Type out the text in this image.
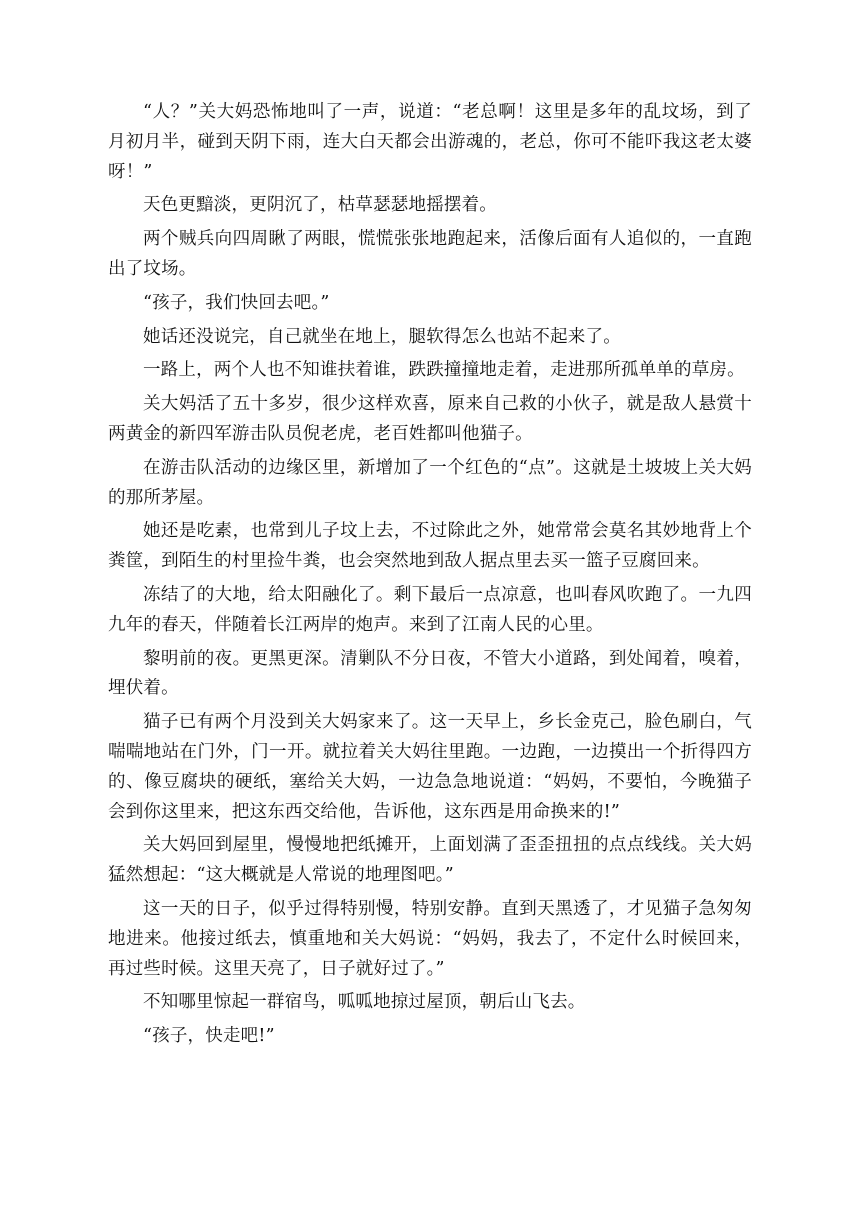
“人？”关大妈恐怖地叫了一声，说道：“老总啊！这里是多年的乱坟场，到了月初月半，碰到天阴下雨，连大白天都会出游魂的，老总，你可不能吓我这老太婆呀！”

天色更黯淡，更阴沉了，枯草瑟瑟地摇摆着。

两个贼兵向四周瞅了两眼，慌慌张张地跑起来，活像后面有人追似的，一直跑出了坟场。

“孩子，我们快回去吧。”

她话还没说完，自己就坐在地上，腿软得怎么也站不起来了。

一路上，两个人也不知谁扶着谁，跌跌撞撞地走着，走进那所孤单单的草房。

关大妈活了五十多岁，很少这样欢喜，原来自己救的小伙子，就是敌人悬赏十两黄金的新四军游击队员倪老虎，老百姓都叫他猫子。

在游击队活动的边缘区里，新增加了一个红色的“点”。这就是土坡坡上关大妈的那所茅屋。

她还是吃素，也常到儿子坟上去，不过除此之外，她常常会莫名其妙地背上个粪筐，到陌生的村里捡牛粪，也会突然地到敌人据点里去买一篮子豆腐回来。

冻结了的大地，给太阳融化了。剩下最后一点凉意，也叫春风吹跑了。一九四九年的春天，伴随着长江两岸的炮声。来到了江南人民的心里。

黎明前的夜。更黑更深。清剿队不分日夜，不管大小道路，到处闻着，嗅着，埋伏着。

猫子已有两个月没到关大妈家来了。这一天早上，乡长金克己，脸色刷白，气喘喘地站在门外，门一开。就拉着关大妈往里跑。一边跑，一边摸出一个折得四方的、像豆腐块的硬纸，塞给关大妈，一边急急地说道：“妈妈，不要怕，今晚猫子会到你这里来，把这东西交给他，告诉他，这东西是用命换来的!”

关大妈回到屋里，慢慢地把纸摊开，上面划满了歪歪扭扭的点点线线。关大妈猛然想起：“这大概就是人常说的地理图吧。”

这一天的日子，似乎过得特别慢，特别安静。直到天黑透了，才见猫子急匆匆地进来。他接过纸去，慎重地和关大妈说：“妈妈，我去了，不定什么时候回来，再过些时候。这里天亮了，日子就好过了。”

不知哪里惊起一群宿鸟，呱呱地掠过屋顶，朝后山飞去。

“孩子，快走吧!”
